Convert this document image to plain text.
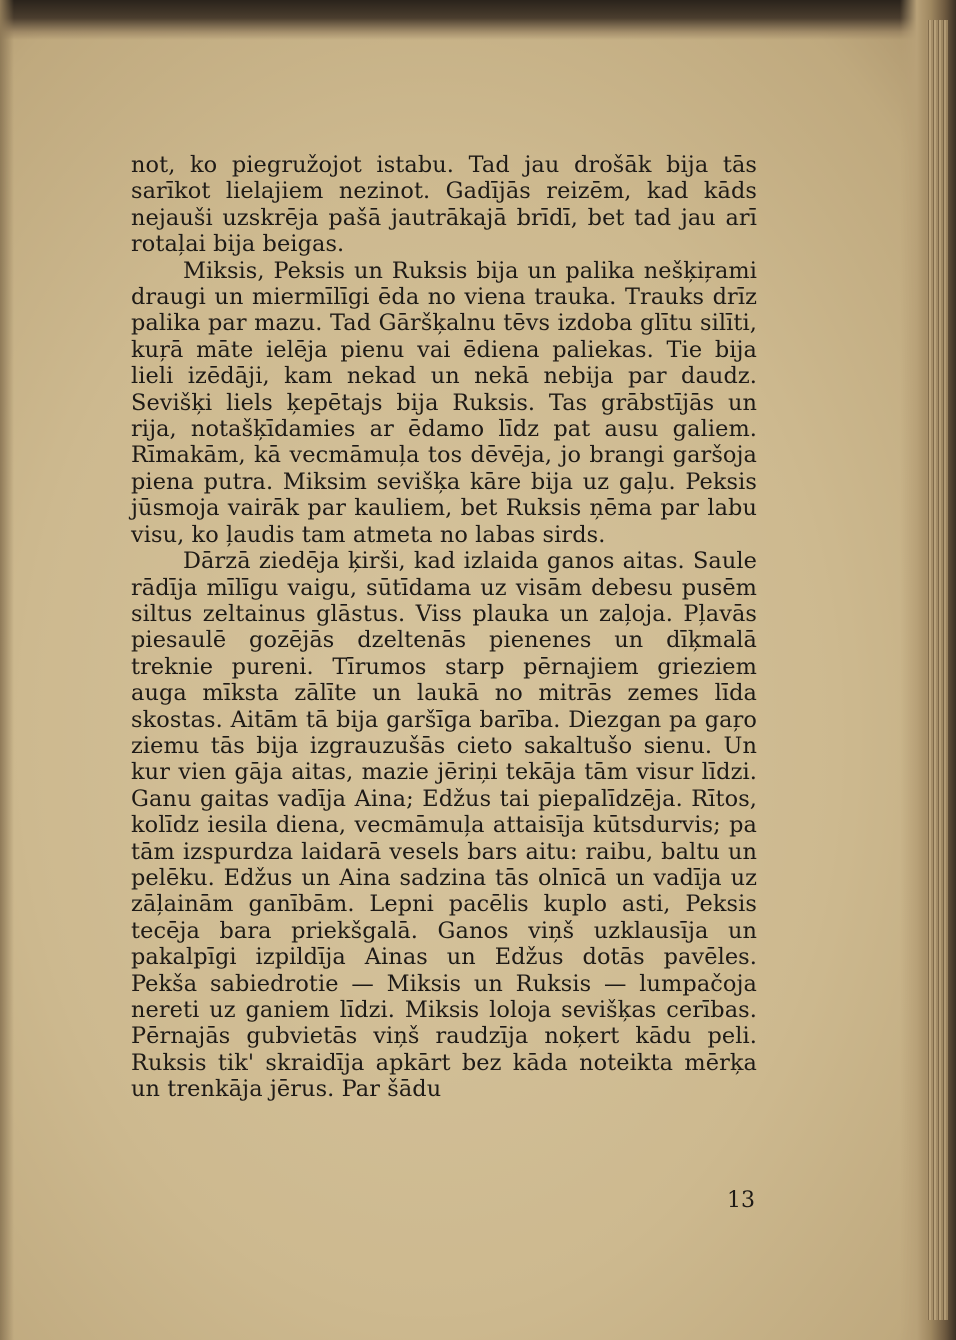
not, ko piegružojot istabu. Tad jau drošāk bija tās sarīkot lielajiem nezinot. Gadījās reizēm, kad kāds nejauši uzskrēja pašā jautrākajā brīdī, bet tad jau arī rotaļai bija beigas.

Miksis, Peksis un Ruksis bija un palika nešķiŗami draugi un miermīlīgi ēda no viena trauka. Trauks drīz palika par mazu. Tad Gāršķalnu tēvs izdoba glītu silīti, kuŗā māte ielēja pienu vai ēdiena paliekas. Tie bija lieli izēdāji, kam nekad un nekā nebija par daudz. Sevišķi liels ķepētajs bija Ruksis. Tas grābstījās un rija, notašķīdamies ar ēdamo līdz pat ausu galiem. Rīmakām, kā vecmāmuļa tos dēvēja, jo brangi garšoja piena putra. Miksim sevišķa kāre bija uz gaļu. Peksis jūsmoja vairāk par kauliem, bet Ruksis ņēma par labu visu, ko ļaudis tam atmeta no labas sirds.

Dārzā ziedēja ķirši, kad izlaida ganos aitas. Saule rādīja mīlīgu vaigu, sūtīdama uz visām debesu pusēm siltus zeltainus glāstus. Viss plauka un zaļoja. Pļavās piesaulē gozējās dzeltenās pienenes un dīķmalā treknie pureni. Tīrumos starp pērnajiem grieziem auga mīksta zālīte un laukā no mitrās zemes līda skostas. Aitām tā bija garšīga barība. Diezgan pa gaŗo ziemu tās bija izgrauzušās cieto sakaltušo sienu. Un kur vien gāja aitas, mazie jēriņi tekāja tām visur līdzi. Ganu gaitas vadīja Aina; Edžus tai piepalīdzēja. Rītos, kolīdz iesila diena, vecmāmuļa attaisīja kūtsdurvis; pa tām izspurdza laidarā vesels bars aitu: raibu, baltu un pelēku. Edžus un Aina sadzina tās olnīcā un vadīja uz zāļainām ganībām. Lepni pacēlis kuplo asti, Peksis tecēja bara priekšgalā. Ganos viņš uzklausīja un pakalpīgi izpildīja Ainas un Edžus dotās pavēles. Pekša sabiedrotie — Miksis un Ruksis — lumpačoja nereti uz ganiem līdzi. Miksis loloja sevišķas cerības. Pērnajās gubvietās viņš raudzīja noķert kādu peli. Ruksis tik' skraidīja apkārt bez kāda noteikta mērķa un trenkāja jērus. Par šādu

13
